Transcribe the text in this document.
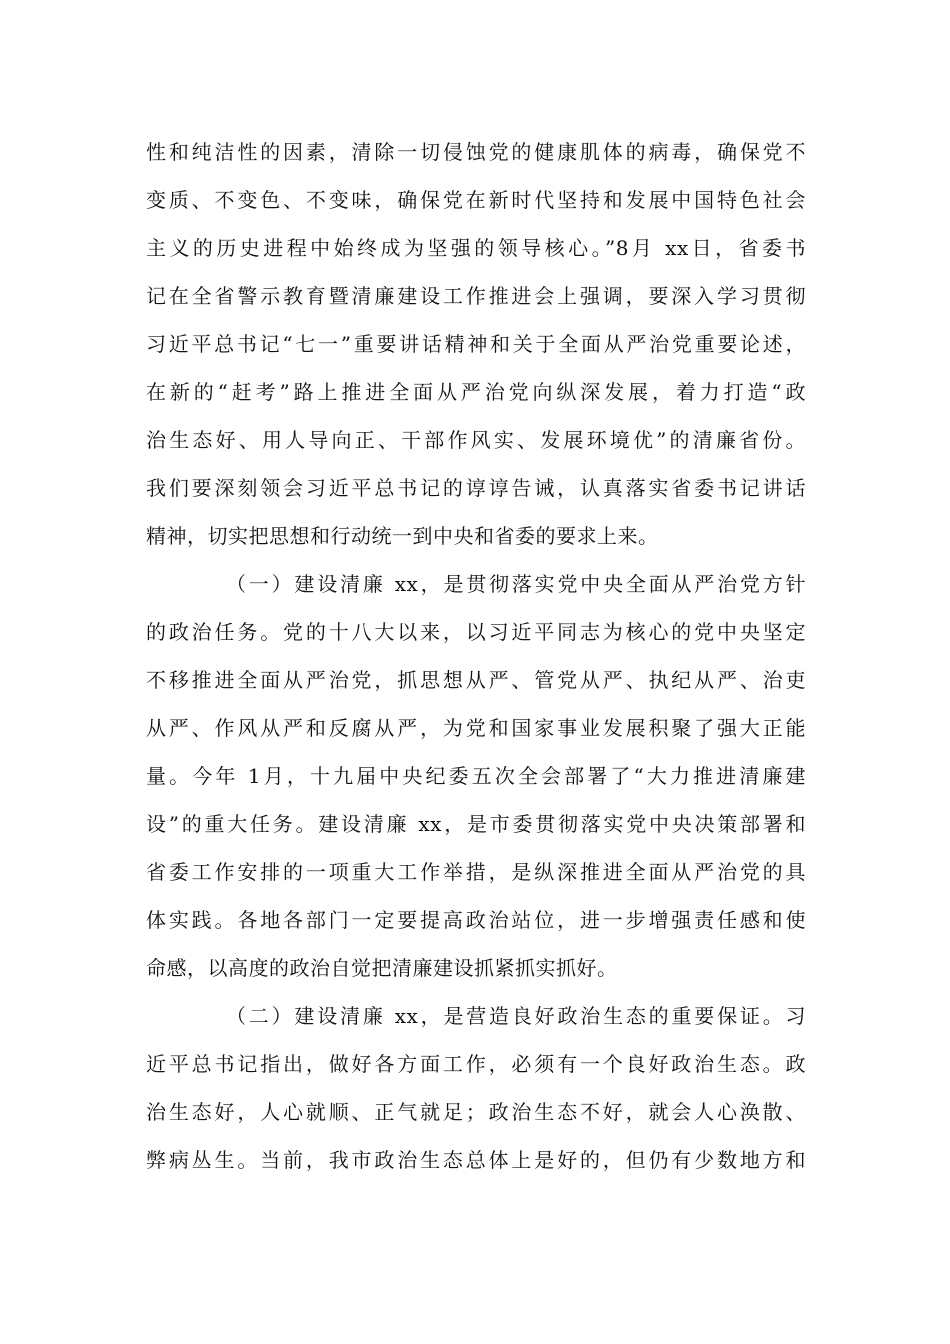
性和纯洁性的因素，清除一切侵蚀党的健康肌体的病毒，确保党不
变质、不变色、不变味，确保党在新时代坚持和发展中国特色社会
主义的历史进程中始终成为坚强的领导核心。”8月 xx日，省委书
记在全省警示教育暨清廉建设工作推进会上强调，要深入学习贯彻
习近平总书记“七一”重要讲话精神和关于全面从严治党重要论述，
在新的“赶考”路上推进全面从严治党向纵深发展，着力打造“政
治生态好、用人导向正、干部作风实、发展环境优”的清廉省份。
我们要深刻领会习近平总书记的谆谆告诫，认真落实省委书记讲话
精神，切实把思想和行动统一到中央和省委的要求上来。
（一）建设清廉 xx，是贯彻落实党中央全面从严治党方针
的政治任务。党的十八大以来，以习近平同志为核心的党中央坚定
不移推进全面从严治党，抓思想从严、管党从严、执纪从严、治吏
从严、作风从严和反腐从严，为党和国家事业发展积聚了强大正能
量。今年 1月，十九届中央纪委五次全会部署了“大力推进清廉建
设”的重大任务。建设清廉 xx，是市委贯彻落实党中央决策部署和
省委工作安排的一项重大工作举措，是纵深推进全面从严治党的具
体实践。各地各部门一定要提高政治站位，进一步增强责任感和使
命感，以高度的政治自觉把清廉建设抓紧抓实抓好。
（二）建设清廉 xx，是营造良好政治生态的重要保证。习
近平总书记指出，做好各方面工作，必须有一个良好政治生态。政
治生态好，人心就顺、正气就足；政治生态不好，就会人心涣散、
弊病丛生。当前，我市政治生态总体上是好的，但仍有少数地方和
